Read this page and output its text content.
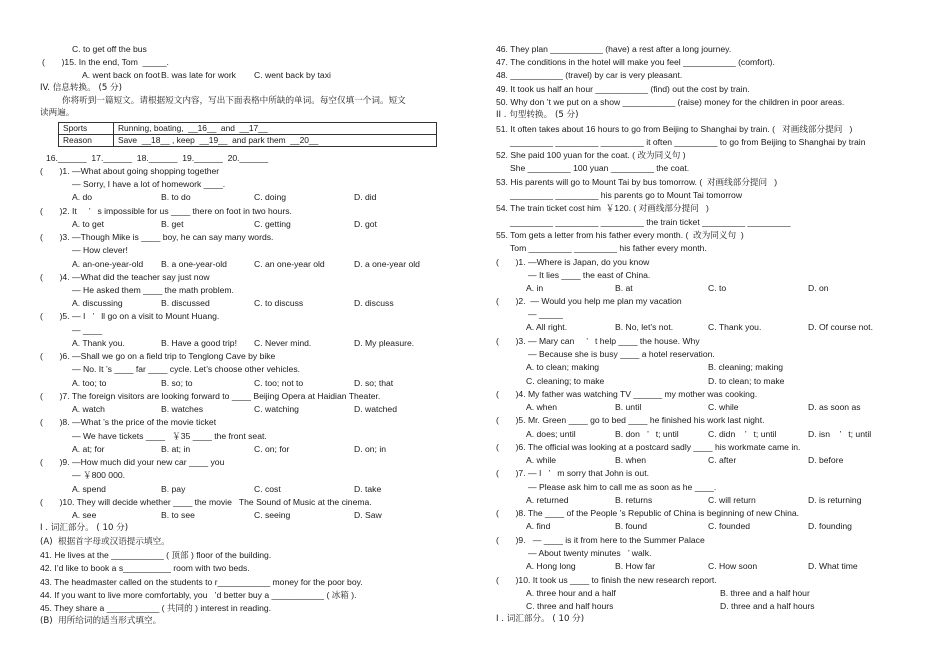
C. to get off the bus
(       )15. In the end, Tom  _____.
A. went back on foot B. was late for work C. went back by taxi
IV. 信息转换。 (5 分)
你将听到一篇短文。请根据短文内容，写出下面表格中所缺的单词。每空仅填一个词。短文
读两遍。
Sports	Running, boating,  __16__  and  __17__
Reason	Save  __18__ , keep  __19__  and park them  __20__
16.______  17.______  18.______  19.______  20.______
(       )1. —What about going shopping together
— Sorry, I have a lot of homework ____.
A. do	B. to do	C. doing	D. did
(       )2. It     ’   s impossible for us ____ there on foot in two hours.
A. to get	B. get	C. getting	D. got
(       )3. —Though Mike is ____ boy, he can say many words.
— How clever!
A. an-one-year-old B. a one-year-old	C. an one-year old	D. a one-year old
(       )4. —What did the teacher say just now
— He asked them ____ the math problem.
A. discussing	B. discussed	C. to discuss	D. discuss
(       )5. — I   ’   ll go on a visit to Mount Huang.
— ____
A. Thank you.	B. Have a good trip! C. Never mind.	D. My pleasure.
(       )6. —Shall we go on a field trip to Tenglong Cave by bike
— No. It ’s ____ far ____ cycle. Let’s choose other vehicles.
A. too; to	B. so; to	C. too; not to	D. so; that
(       )7. The foreign visitors are looking forward to ____ Beijing Opera at Haidian Theater.
A. watch	B. watches	C. watching	D. watched
(       )8. —What ’s the price of the movie ticket
— We have tickets ____   ￥35 ____ the front seat.
A. at; for	B. at; in	C. on; for	D. on; in
(       )9. —How much did your new car ____ you
— ￥800 000.
A. spend	B. pay	C. cost	D. take
(       )10. They will decide whether ____ the movie   The Sound of Music at the cinema.
A. see	B. to see	C. seeing	D. Saw
I . 词汇部分。 ( 10 分)
(A)  根据首字母或汉语提示填空。
41. He lives at the ___________ ( 顶部 ) floor of the building.
42. I’d like to book a s__________ room with two beds.
43. The headmaster called on the students to r___________ money for the poor boy.
44. If you want to live more comfortably, you   ’d better buy a ___________ ( 冰箱 ).
45. They share a ___________ ( 共同的 ) interest in reading.
(B)  用所给词的适当形式填空。
46. They plan ___________ (have) a rest after a long journey.
47. The conditions in the hotel will make you feel ___________ (comfort).
48. ___________ (travel) by car is very pleasant.
49. It took us half an hour ___________ (find) out the cost by train.
50. Why don ’t we put on a show ___________ (raise) money for the children in poor areas.
II . 句型转换。 (5 分)
51. It often takes about 16 hours to go from Beijing to Shanghai by train. (   对画线部分提问   )
_________ _________ _________ it often _________ to go from Beijing to Shanghai by train
52. She paid 100 yuan for the coat. ( 改为同义句 )
She _________ 100 yuan _________ the coat.
53. His parents will go to Mount Tai by bus tomorrow. (  对画线部分提问   )
_________ _________ his parents go to Mount Tai tomorrow
54. The train ticket cost him  ￥120. ( 对画线部分提问   )
_________ _________ _________ the train ticket _________ _________
55. Tom gets a letter from his father every month. (  改为同义句  )
Tom _________ _________ his father every month.
(       )1. —Where is Japan, do you know
— It lies ____ the east of China.
A. in	B. at	C. to	D. on
(       )2.  — Would you help me plan my vacation
— _____
A. All right.	B. No, let’s not.	C. Thank you.	D. Of course not.
(       )3. — Mary can     ’   t help ____ the house. Why
— Because she is busy ____ a hotel reservation.
A. to clean; making	B. cleaning; making
C. cleaning; to make	D. to clean; to make
(       )4. My father was watching TV ______ my mother was cooking.
A. when	B. until	C. while	D. as soon as
(       )5. Mr. Green ____ go to bed ____ he finished his work last night.
A. does; until	B. don   ’   t; until	C. didn    ’   t; until	D. isn    ’   t; until
(       )6. The official was looking at a postcard sadly ____ his workmate came in.
A. while	B. when	C. after	D. before
(       )7. — I   ’   m sorry that John is out.
— Please ask him to call me as soon as he ____.
A. returned	B. returns	C. will return	D. is returning
(       )8. The ____ of the People ’s Republic of China is beginning of new China.
A. find	B. found	C. founded	D. founding
(       )9.   — ____ is it from here to the Summer Palace
— About twenty minutes   ’ walk.
A. Hong long	B. How far	C. How soon	D. What time
(       )10. It took us ____ to finish the new research report.
A. three hour and a half	B. three and a half hour
C. three and half hours	D. three and a half hours
I . 词汇部分。 ( 10 分)
